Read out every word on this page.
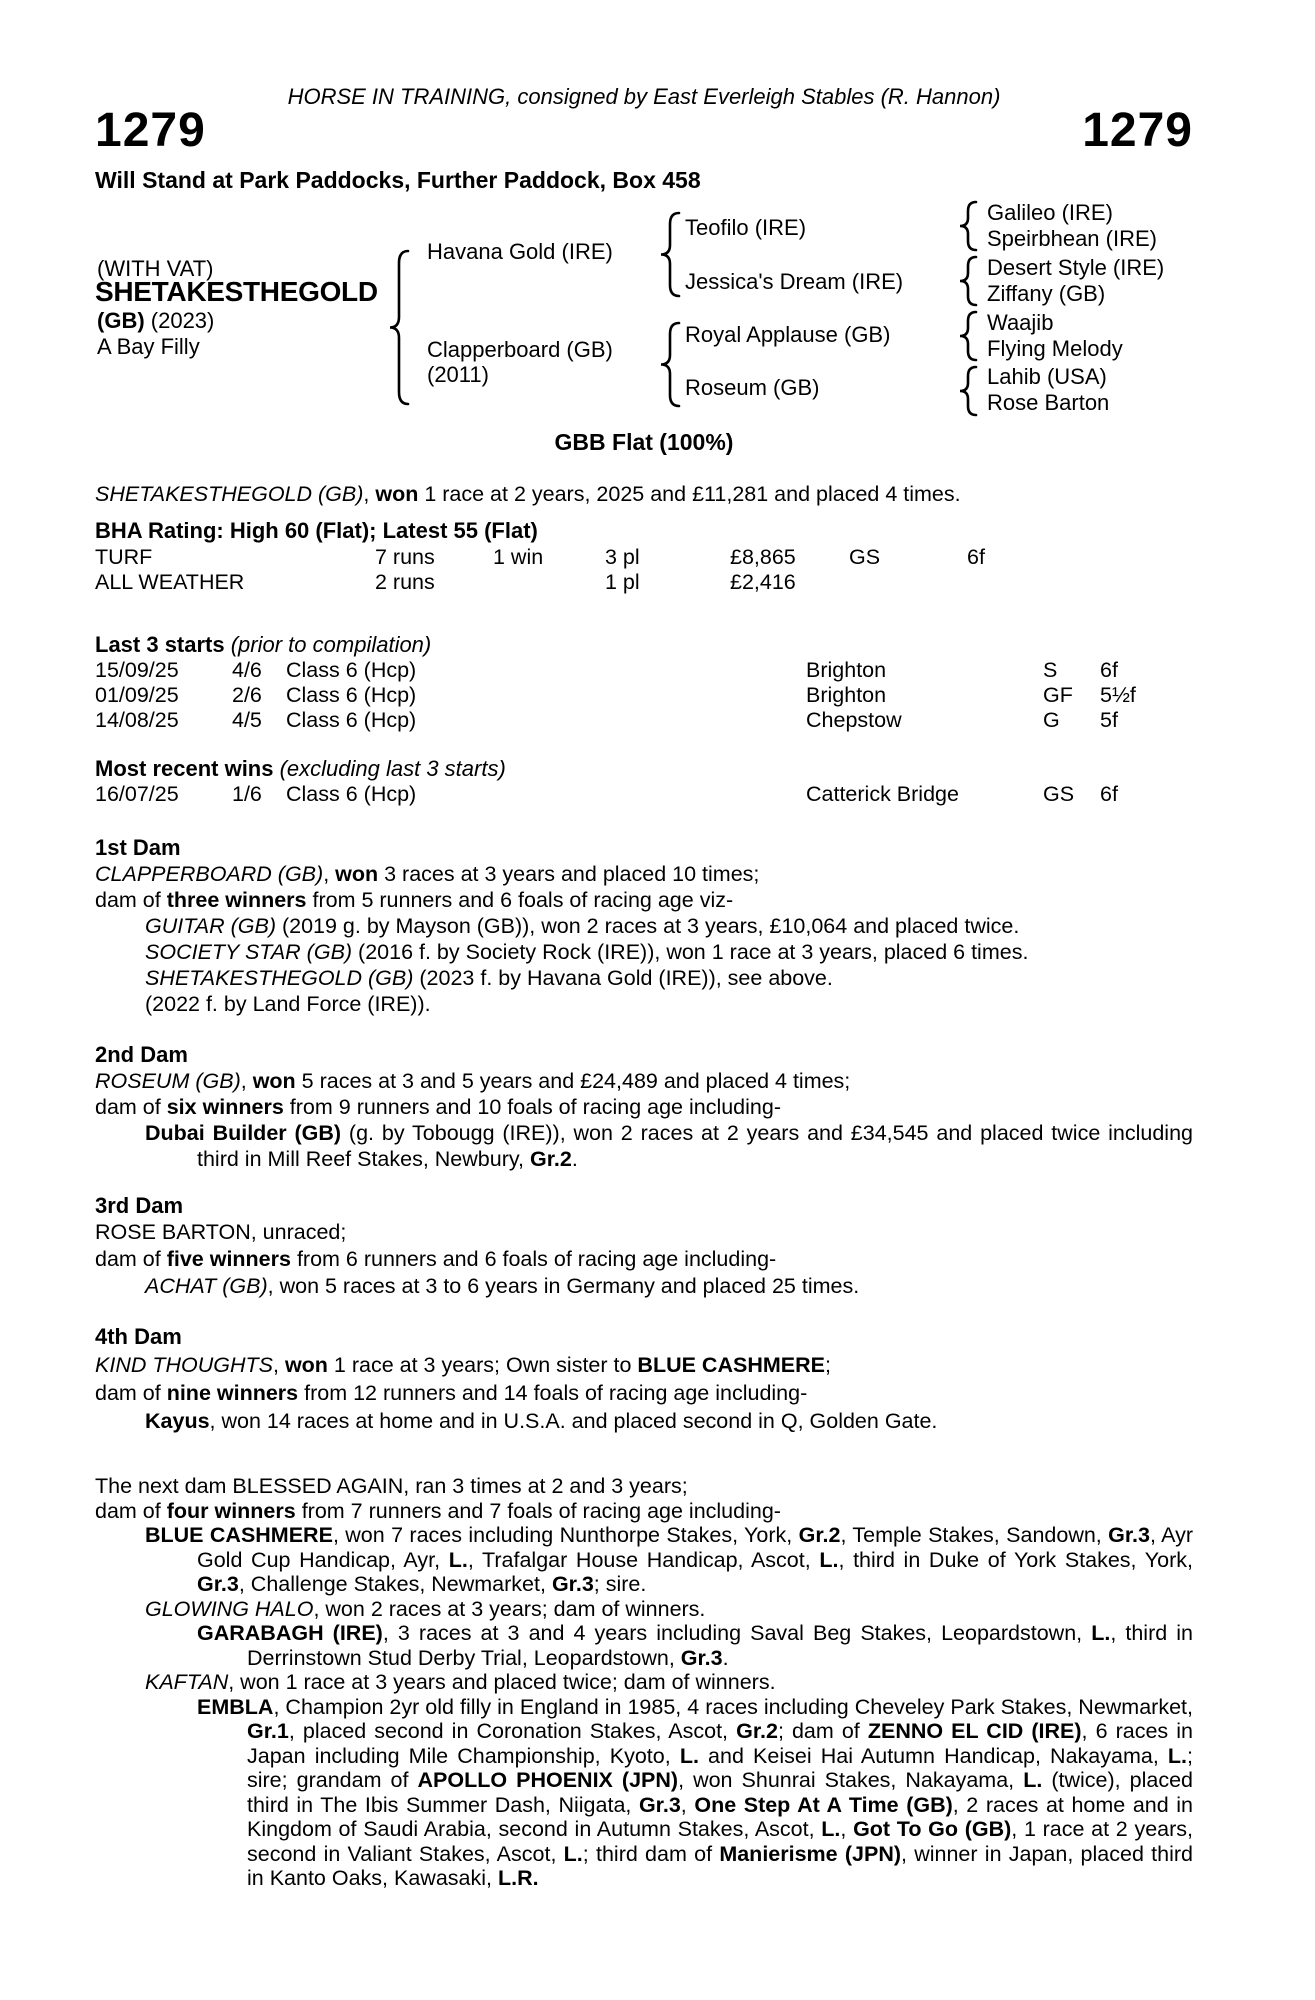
HORSE IN TRAINING, consigned by East Everleigh Stables (R. Hannon)
1279	1279
Will Stand at Park Paddocks, Further Paddock, Box 458
(WITH VAT)
SHETAKESTHEGOLD
(GB) (2023)
A Bay Filly
Havana Gold (IRE)
Clapperboard (GB)
(2011)
Teofilo (IRE)
Jessica's Dream (IRE)
Royal Applause (GB)
Roseum (GB)
Galileo (IRE)
Speirbhean (IRE)
Desert Style (IRE)
Ziffany (GB)
Waajib
Flying Melody
Lahib (USA)
Rose Barton
GBB Flat (100%)
SHETAKESTHEGOLD (GB), won 1 race at 2 years, 2025 and £11,281 and placed 4 times.
BHA Rating: High 60 (Flat); Latest 55 (Flat)
TURF	7 runs	1 win	3 pl	£8,865 GS	6f
ALL WEATHER	2 runs	1 pl	£2,416
Last 3 starts (prior to compilation)
15/09/25 4/6 Class 6 (Hcp)	Brighton	S 6f
01/09/25 2/6 Class 6 (Hcp)	Brighton	GF 5½f
14/08/25 4/5 Class 6 (Hcp)	Chepstow	G 5f
Most recent wins (excluding last 3 starts)
16/07/25 1/6 Class 6 (Hcp)	Catterick Bridge	GS 6f
1st Dam

CLAPPERBOARD (GB), won 3 races at 3 years and placed 10 times;

dam of three winners from 5 runners and 6 foals of racing age viz-

GUITAR (GB) (2019 g. by Mayson (GB)), won 2 races at 3 years, £10,064 and placed twice.

SOCIETY STAR (GB) (2016 f. by Society Rock (IRE)), won 1 race at 3 years, placed 6 times.

SHETAKESTHEGOLD (GB) (2023 f. by Havana Gold (IRE)), see above.

(2022 f. by Land Force (IRE)).

2nd Dam

ROSEUM (GB), won 5 races at 3 and 5 years and £24,489 and placed 4 times;

dam of six winners from 9 runners and 10 foals of racing age including-

Dubai Builder (GB) (g. by Tobougg (IRE)), won 2 races at 2 years and £34,545 and placed twice including third in Mill Reef Stakes, Newbury, Gr.2.

3rd Dam

ROSE BARTON, unraced;

dam of five winners from 6 runners and 6 foals of racing age including-

ACHAT (GB), won 5 races at 3 to 6 years in Germany and placed 25 times.

4th Dam

KIND THOUGHTS, won 1 race at 3 years; Own sister to BLUE CASHMERE;

dam of nine winners from 12 runners and 14 foals of racing age including-

Kayus, won 14 races at home and in U.S.A. and placed second in Q, Golden Gate.

The next dam BLESSED AGAIN, ran 3 times at 2 and 3 years;

dam of four winners from 7 runners and 7 foals of racing age including-

BLUE CASHMERE, won 7 races including Nunthorpe Stakes, York, Gr.2, Temple Stakes, Sandown, Gr.3, Ayr Gold Cup Handicap, Ayr, L., Trafalgar House Handicap, Ascot, L., third in Duke of York Stakes, York, Gr.3, Challenge Stakes, Newmarket, Gr.3; sire.

GLOWING HALO, won 2 races at 3 years; dam of winners.

GARABAGH (IRE), 3 races at 3 and 4 years including Saval Beg Stakes, Leopardstown, L., third in Derrinstown Stud Derby Trial, Leopardstown, Gr.3.

KAFTAN, won 1 race at 3 years and placed twice; dam of winners.

EMBLA, Champion 2yr old filly in England in 1985, 4 races including Cheveley Park Stakes, Newmarket, Gr.1, placed second in Coronation Stakes, Ascot, Gr.2; dam of ZENNO EL CID (IRE), 6 races in Japan including Mile Championship, Kyoto, L. and Keisei Hai Autumn Handicap, Nakayama, L.; sire; grandam of APOLLO PHOENIX (JPN), won Shunrai Stakes, Nakayama, L. (twice), placed third in The Ibis Summer Dash, Niigata, Gr.3, One Step At A Time (GB), 2 races at home and in Kingdom of Saudi Arabia, second in Autumn Stakes, Ascot, L., Got To Go (GB), 1 race at 2 years, second in Valiant Stakes, Ascot, L.; third dam of Manierisme (JPN), winner in Japan, placed third in Kanto Oaks, Kawasaki, L.R.
